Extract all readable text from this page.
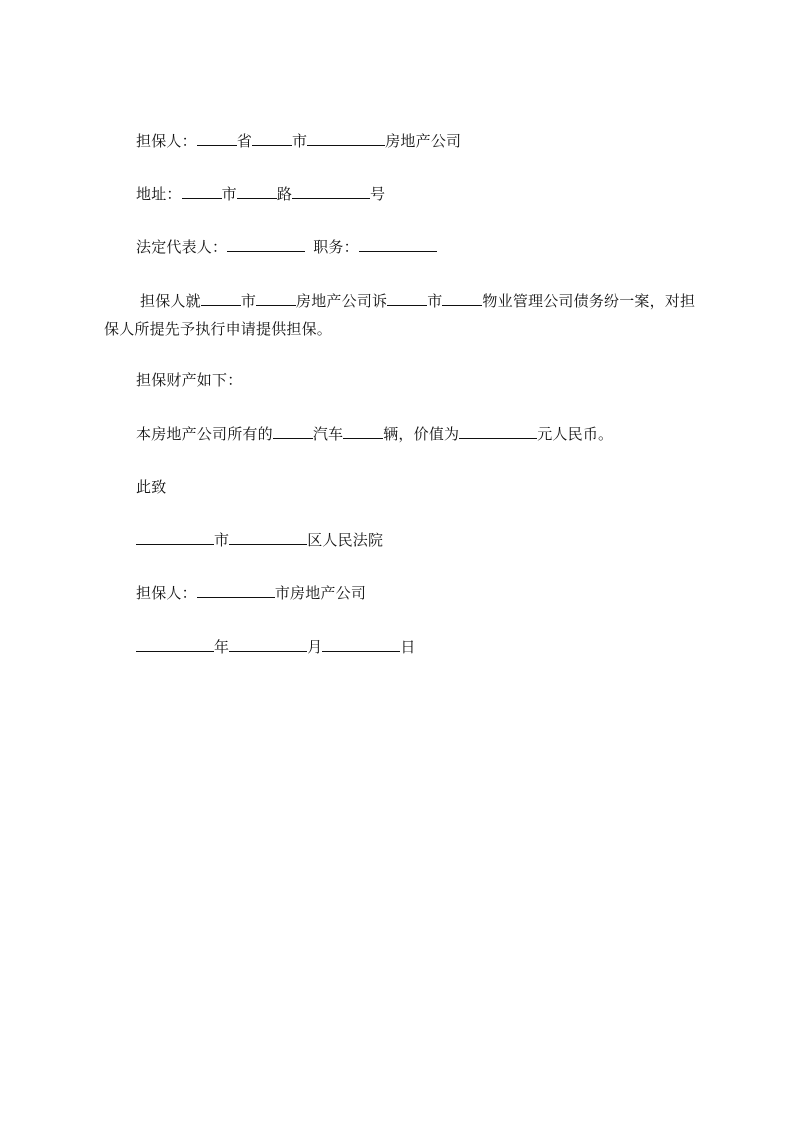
担保人：	省	市	房地产公司
地址：	市	路	号
法定代表人：	职务：
担保人就	市	房地产公司诉	市	物业管理公司债务纷一案，对担保人所提先予执行申请提供担保。
担保财产如下：
本房地产公司所有的	汽车	辆，价值为	元人民币。
此致
市	区人民法院
担保人：	市房地产公司
年	月	日
